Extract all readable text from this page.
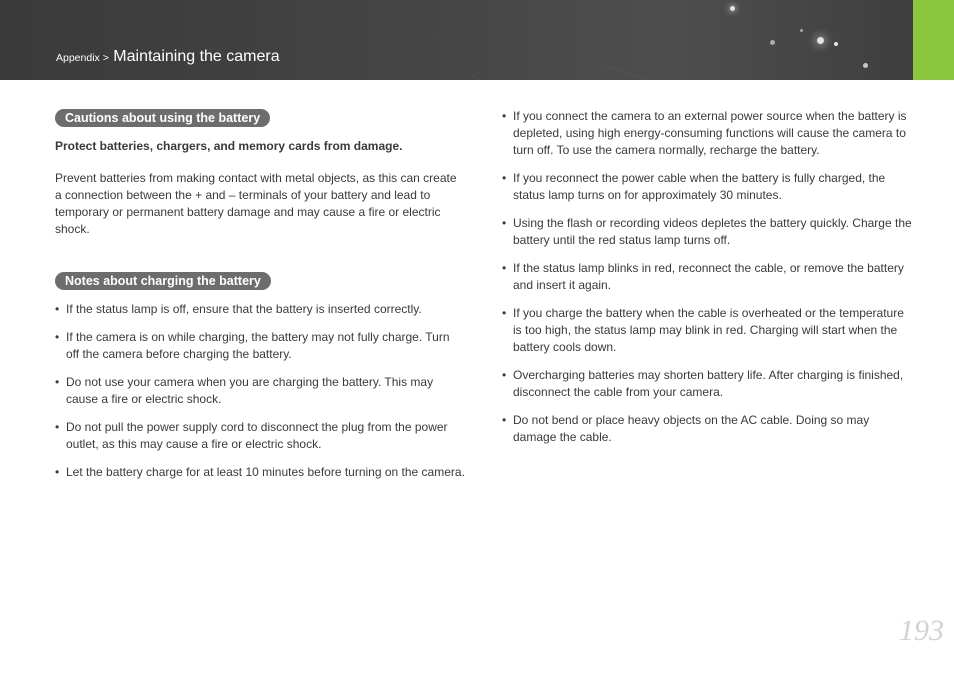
Appendix > Maintaining the camera
Cautions about using the battery
Protect batteries, chargers, and memory cards from damage.
Prevent batteries from making contact with metal objects, as this can create a connection between the + and – terminals of your battery and lead to temporary or permanent battery damage and may cause a fire or electric shock.
Notes about charging the battery
• If the status lamp is off, ensure that the battery is inserted correctly.
• If the camera is on while charging, the battery may not fully charge. Turn off the camera before charging the battery.
• Do not use your camera when you are charging the battery. This may cause a fire or electric shock.
• Do not pull the power supply cord to disconnect the plug from the power outlet, as this may cause a fire or electric shock.
• Let the battery charge for at least 10 minutes before turning on the camera.
• If you connect the camera to an external power source when the battery is depleted, using high energy-consuming functions will cause the camera to turn off. To use the camera normally, recharge the battery.
• If you reconnect the power cable when the battery is fully charged, the status lamp turns on for approximately 30 minutes.
• Using the flash or recording videos depletes the battery quickly. Charge the battery until the red status lamp turns off.
• If the status lamp blinks in red, reconnect the cable, or remove the battery and insert it again.
• If you charge the battery when the cable is overheated or the temperature is too high, the status lamp may blink in red. Charging will start when the battery cools down.
• Overcharging batteries may shorten battery life. After charging is finished, disconnect the cable from your camera.
• Do not bend or place heavy objects on the AC cable. Doing so may damage the cable.
193
